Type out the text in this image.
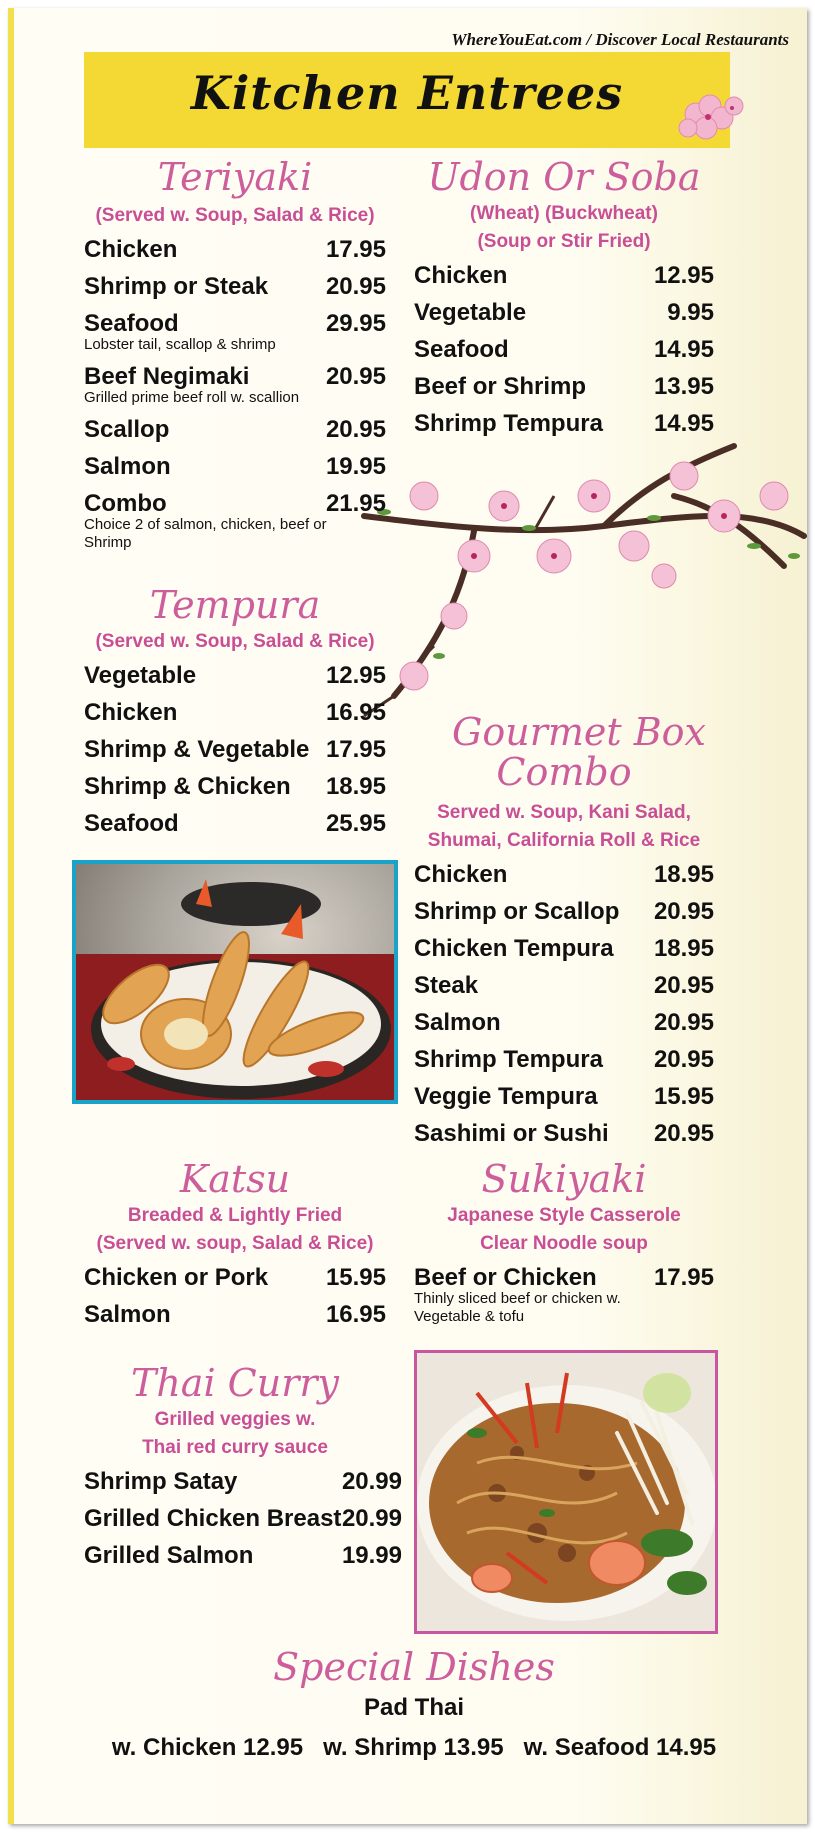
WhereYouEat.com / Discover Local Restaurants
Kitchen Entrees
Teriyaki
(Served w. Soup, Salad & Rice)
Chicken	17.95
Shrimp or Steak 20.95
Seafood	29.95
Lobster tail, scallop & shrimp
Beef Negimaki	20.95
Grilled prime beef roll w. scallion
Scallop	20.95
Salmon	19.95
Combo	21.95
Choice 2 of salmon, chicken, beef or Shrimp
Udon Or Soba
(Wheat) (Buckwheat)
(Soup or Stir Fried)
Chicken	12.95
Vegetable	9.95
Seafood	14.95
Beef or Shrimp	13.95
Shrimp Tempura 14.95
Tempura
(Served w. Soup, Salad & Rice)
Vegetable	12.95
Chicken	16.95
Shrimp & Vegetable 17.95
Shrimp & Chicken 18.95
Seafood	25.95
Gourmet Box
Combo
Served w. Soup, Kani Salad,
Shumai, California Roll & Rice
Chicken	18.95
Shrimp or Scallop 20.95
Chicken Tempura 18.95
Steak	20.95
Salmon	20.95
Shrimp Tempura 20.95
Veggie Tempura 15.95
Sashimi or Sushi 20.95
Katsu
Breaded & Lightly Fried
(Served w. soup, Salad & Rice)
Chicken or Pork 15.95
Salmon	16.95
Sukiyaki
Japanese Style Casserole
Clear Noodle soup
Beef or Chicken 17.95
Thinly sliced beef or chicken w. Vegetable & tofu
Thai Curry
Grilled veggies w.
Thai red curry sauce
Shrimp Satay	20.99
Grilled Chicken Breast 20.99
Grilled Salmon	19.99
Special Dishes
Pad Thai
w. Chicken 12.95   w. Shrimp 13.95   w. Seafood 14.95
